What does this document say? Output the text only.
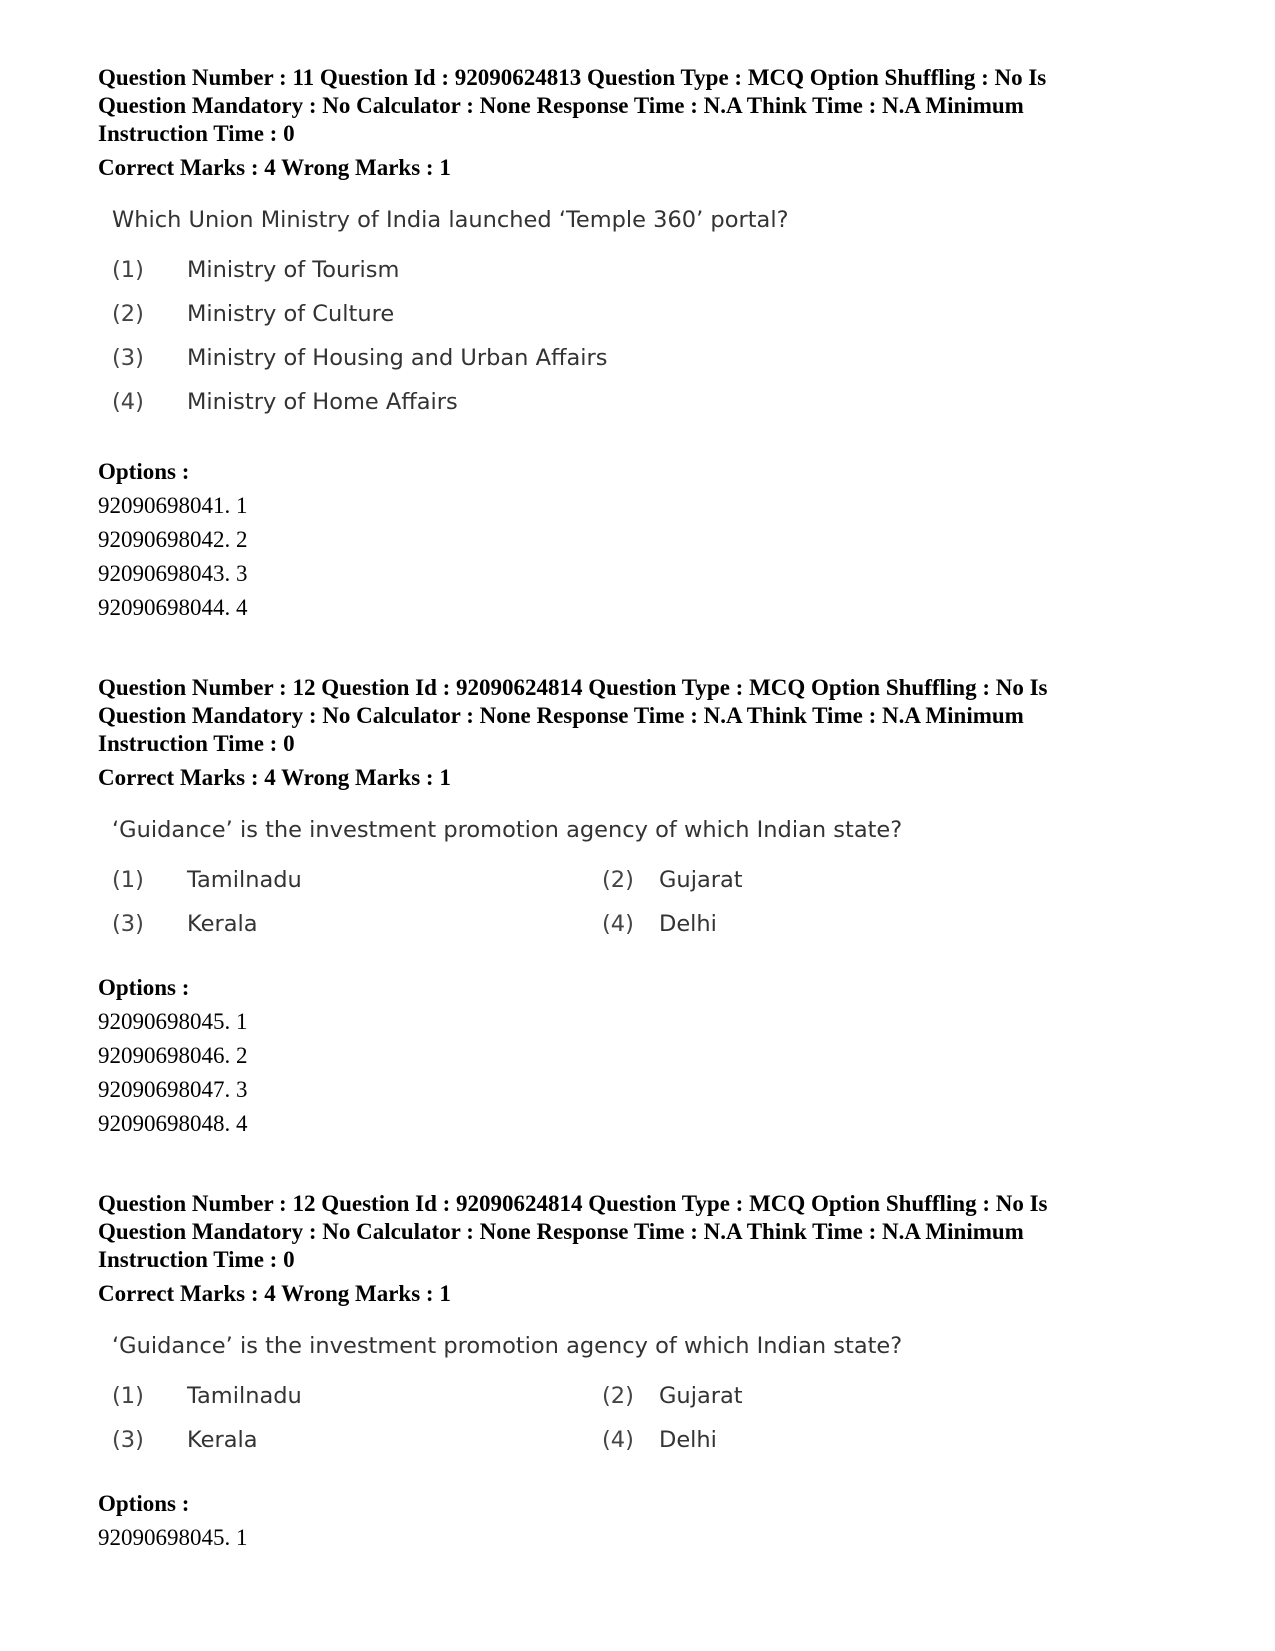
Question Number : 11 Question Id : 92090624813 Question Type : MCQ Option Shuffling : No Is
Question Mandatory : No Calculator : None Response Time : N.A Think Time : N.A Minimum
Instruction Time : 0
Correct Marks : 4 Wrong Marks : 1
Which Union Ministry of India launched ‘Temple 360’ portal?
(1) Ministry of Tourism
(2) Ministry of Culture
(3) Ministry of Housing and Urban Affairs
(4) Ministry of Home Affairs
Options :
92090698041. 1
92090698042. 2
92090698043. 3
92090698044. 4
Question Number : 12 Question Id : 92090624814 Question Type : MCQ Option Shuffling : No Is
Question Mandatory : No Calculator : None Response Time : N.A Think Time : N.A Minimum
Instruction Time : 0
Correct Marks : 4 Wrong Marks : 1
‘Guidance’ is the investment promotion agency of which Indian state?
(1) Tamilnadu	(2) Gujarat
(3) Kerala	(4) Delhi
Options :
92090698045. 1
92090698046. 2
92090698047. 3
92090698048. 4
Question Number : 12 Question Id : 92090624814 Question Type : MCQ Option Shuffling : No Is
Question Mandatory : No Calculator : None Response Time : N.A Think Time : N.A Minimum
Instruction Time : 0
Correct Marks : 4 Wrong Marks : 1
‘Guidance’ is the investment promotion agency of which Indian state?
(1) Tamilnadu	(2) Gujarat
(3) Kerala	(4) Delhi
Options :
92090698045. 1
